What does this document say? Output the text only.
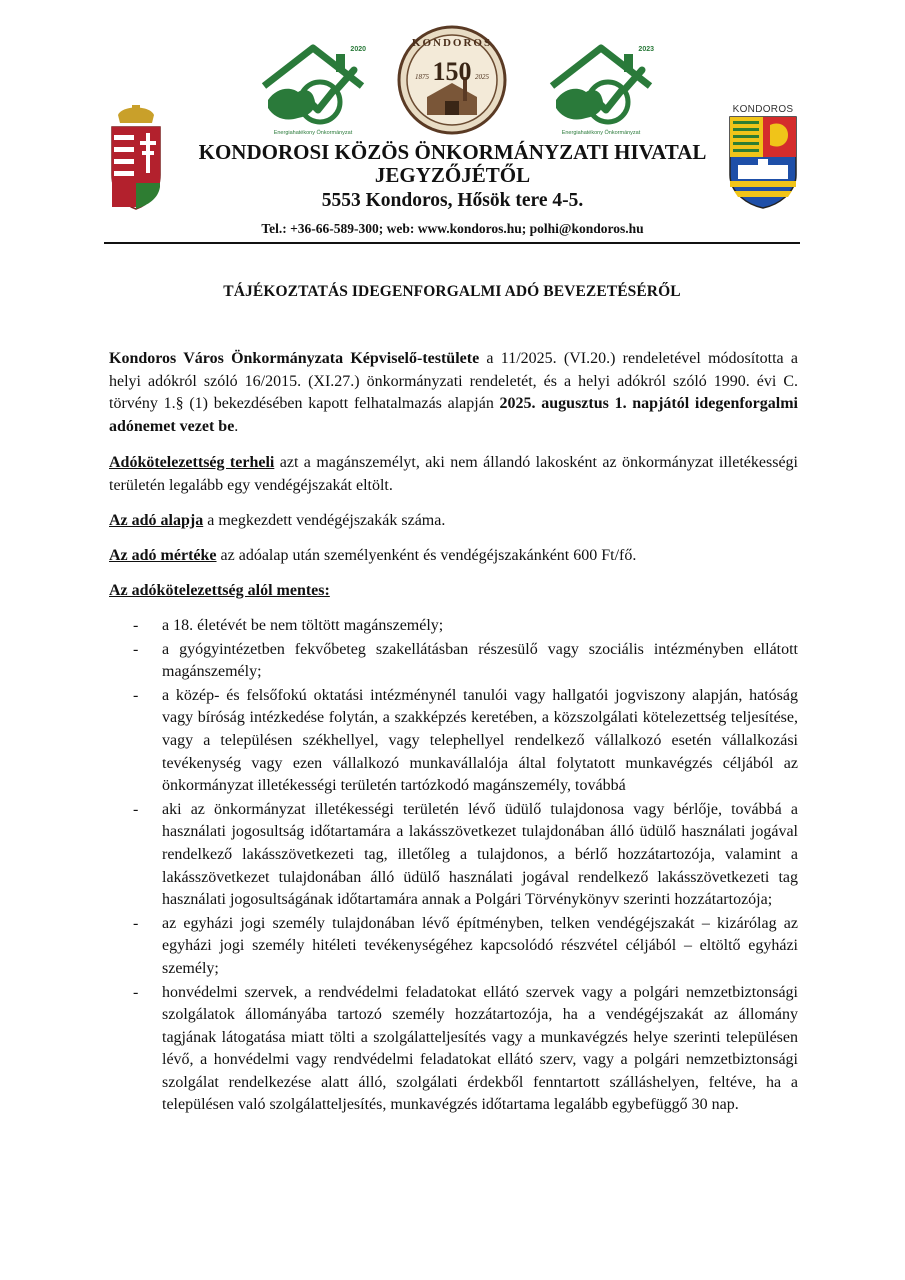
2020
Energiahatékony Önkormányzat
KONDOROS
150
1875	2025
2023
Energiahatékony Önkormányzat
KONDOROS
KONDOROSI KÖZÖS ÖNKORMÁNYZATI HIVATAL
JEGYZŐJÉTŐL
5553 Kondoros, Hősök tere 4-5.
Tel.: +36-66-589-300; web: www.kondoros.hu; polhi@kondoros.hu
TÁJÉKOZTATÁS IDEGENFORGALMI ADÓ BEVEZETÉSÉRŐL
Kondoros Város Önkormányzata Képviselő-testülete a 11/2025. (VI.20.) rendeletével módosította a helyi adókról szóló 16/2015. (XI.27.) önkormányzati rendeletét, és a helyi adókról szóló 1990. évi C. törvény 1.§ (1) bekezdésében kapott felhatalmazás alapján 2025. augusztus 1. napjától idegenforgalmi adónemet vezet be.
Adókötelezettség terheli azt a magánszemélyt, aki nem állandó lakosként az önkormányzat illetékességi területén legalább egy vendégéjszakát eltölt.
Az adó alapja a megkezdett vendégéjszakák száma.
Az adó mértéke az adóalap után személyenként és vendégéjszakánként 600 Ft/fő.
Az adókötelezettség alól mentes:
- a 18. életévét be nem töltött magánszemély;
- a gyógyintézetben fekvőbeteg szakellátásban részesülő vagy szociális intézményben ellátott magánszemély;
- a közép- és felsőfokú oktatási intézménynél tanulói vagy hallgatói jogviszony alapján, hatóság vagy bíróság intézkedése folytán, a szakképzés keretében, a közszolgálati kötelezettség teljesítése, vagy a településen székhellyel, vagy telephellyel rendelkező vállalkozó esetén vállalkozási tevékenység vagy ezen vállalkozó munkavállalója által folytatott munkavégzés céljából az önkormányzat illetékességi területén tartózkodó magánszemély, továbbá
- aki az önkormányzat illetékességi területén lévő üdülő tulajdonosa vagy bérlője, továbbá a használati jogosultság időtartamára a lakásszövetkezet tulajdonában álló üdülő használati jogával rendelkező lakásszövetkezeti tag, illetőleg a tulajdonos, a bérlő hozzátartozója, valamint a lakásszövetkezet tulajdonában álló üdülő használati jogával rendelkező lakásszövetkezeti tag használati jogosultságának időtartamára annak a Polgári Törvénykönyv szerinti hozzátartozója;
- az egyházi jogi személy tulajdonában lévő építményben, telken vendégéjszakát – kizárólag az egyházi jogi személy hitéleti tevékenységéhez kapcsolódó részvétel céljából – eltöltő egyházi személy;
- honvédelmi szervek, a rendvédelmi feladatokat ellátó szervek vagy a polgári nemzetbiztonsági szolgálatok állományába tartozó személy hozzátartozója, ha a vendégéjszakát az állomány tagjának látogatása miatt tölti a szolgálatteljesítés vagy a munkavégzés helye szerinti településen lévő, a honvédelmi vagy rendvédelmi feladatokat ellátó szerv, vagy a polgári nemzetbiztonsági szolgálat rendelkezése alatt álló, szolgálati érdekből fenntartott szálláshelyen, feltéve, ha a településen való szolgálatteljesítés, munkavégzés időtartama legalább egybefüggő 30 nap.
